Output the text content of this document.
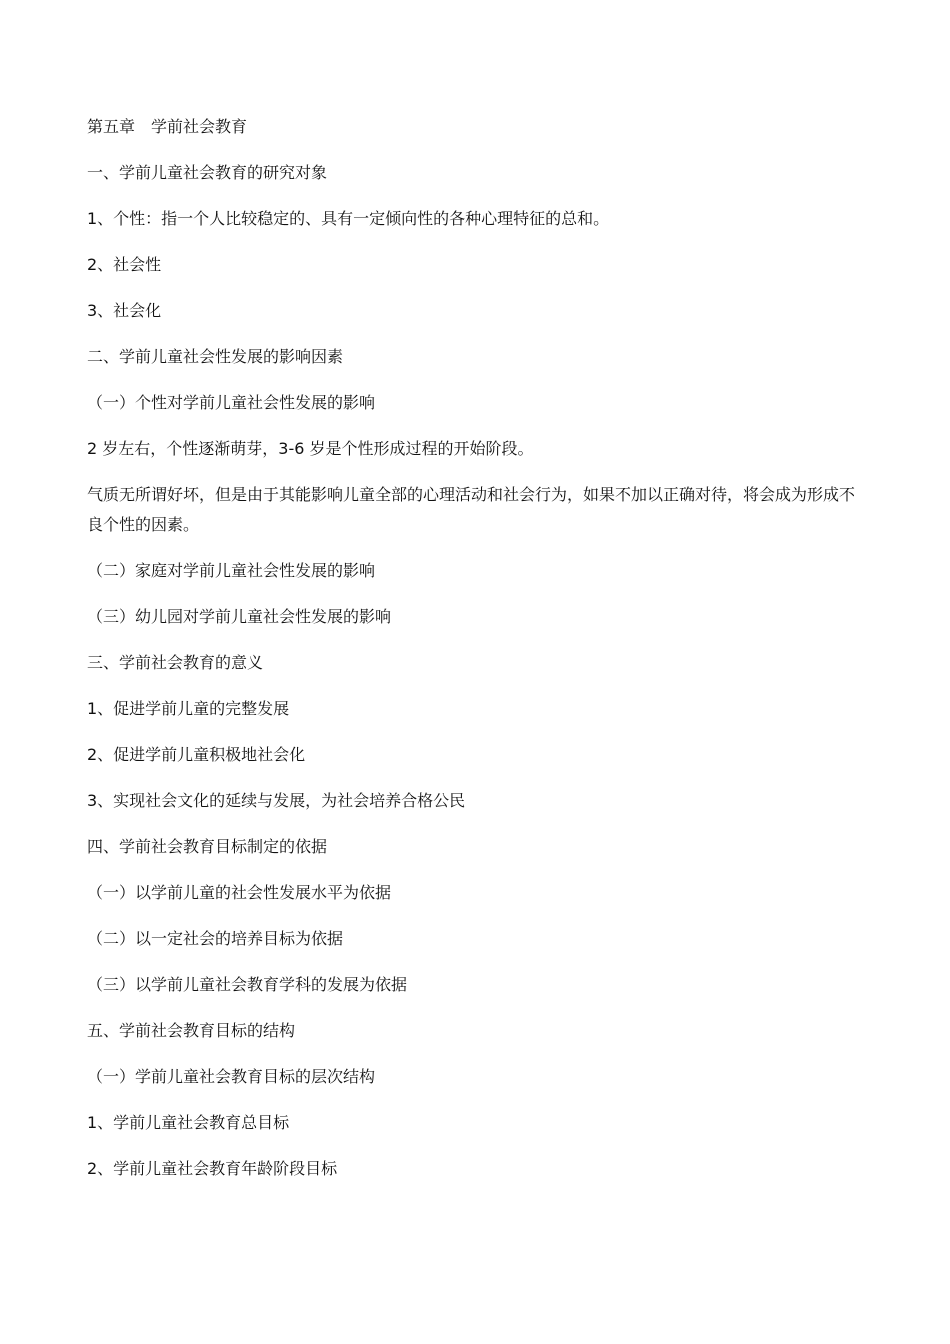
第五章　学前社会教育

一、学前儿童社会教育的研究对象

1、个性：指一个人比较稳定的、具有一定倾向性的各种心理特征的总和。

2、社会性

3、社会化

二、学前儿童社会性发展的影响因素

（一）个性对学前儿童社会性发展的影响

2 岁左右，个性逐渐萌芽，3-6 岁是个性形成过程的开始阶段。

气质无所谓好坏，但是由于其能影响儿童全部的心理活动和社会行为，如果不加以正确对待，将会成为形成不良个性的因素。

（二）家庭对学前儿童社会性发展的影响

（三）幼儿园对学前儿童社会性发展的影响

三、学前社会教育的意义

1、促进学前儿童的完整发展

2、促进学前儿童积极地社会化

3、实现社会文化的延续与发展，为社会培养合格公民

四、学前社会教育目标制定的依据

（一）以学前儿童的社会性发展水平为依据

（二）以一定社会的培养目标为依据

（三）以学前儿童社会教育学科的发展为依据

五、学前社会教育目标的结构

（一）学前儿童社会教育目标的层次结构

1、学前儿童社会教育总目标

2、学前儿童社会教育年龄阶段目标
